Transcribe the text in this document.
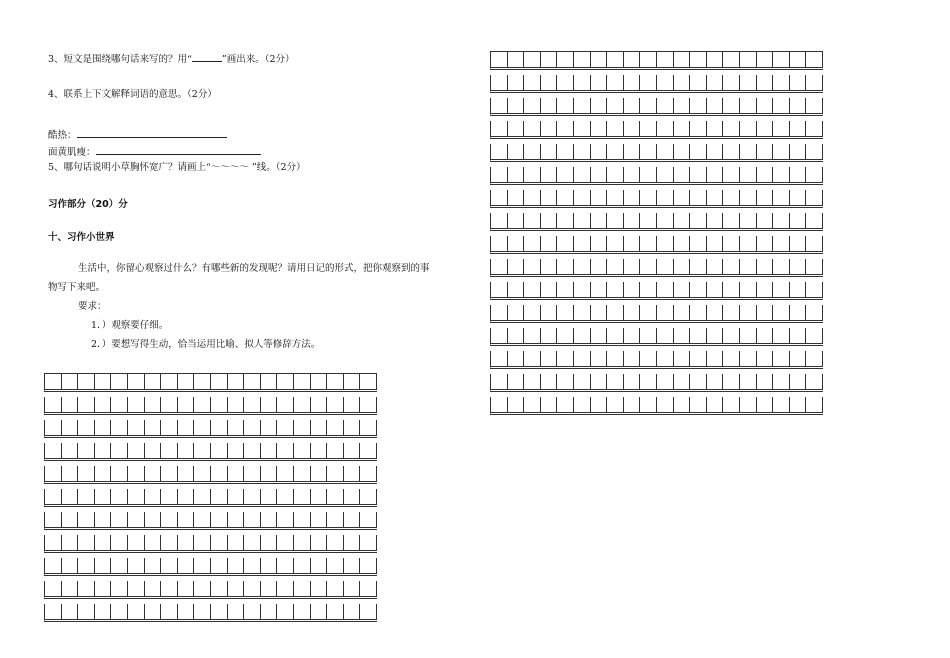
3、短文是围绕哪句话来写的？用“	”画出来。（2分）
4、联系上下文解释词语的意思。（2分）
酷热：
面黄肌瘦：
5、哪句话说明小草胸怀宽广？请画上“～～～～ ”线。（2分）
习作部分（20）分
十、习作小世界
生活中，你留心观察过什么？有哪些新的发现呢？请用日记的形式，把你观察到的事
物写下来吧。
要求：
1．）观察要仔细。
2．）要想写得生动，恰当运用比喻、拟人等修辞方法。
